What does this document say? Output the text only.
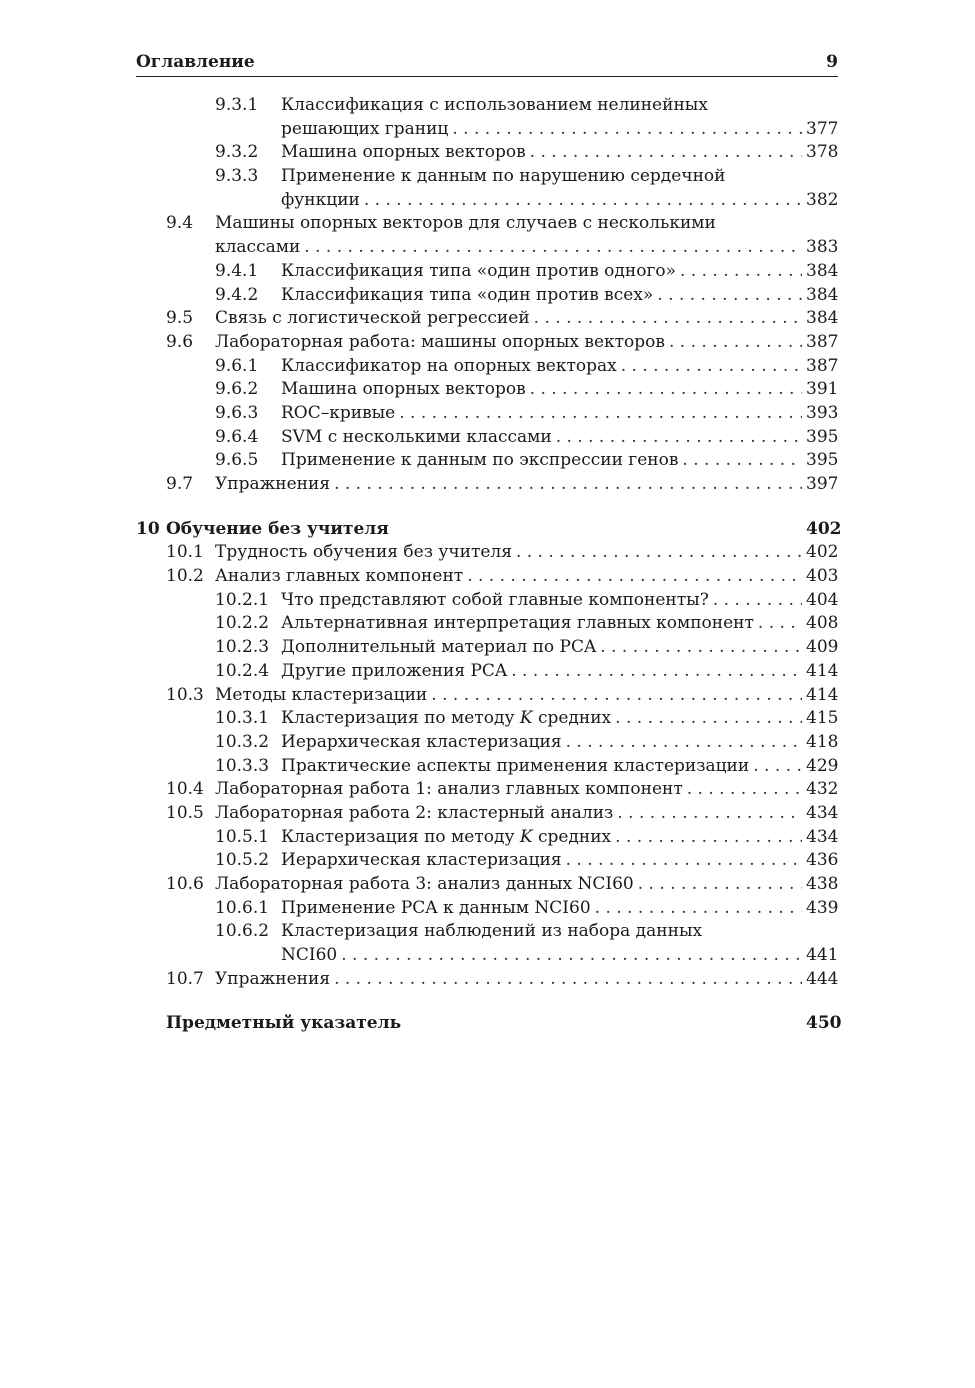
Оглавление	9
9.3.1 Классификация с использованием нелинейных
решающих границ . . .	377
9.3.2 Машина опорных векторов . . .	378
9.3.3 Применение к данным по нарушению сердечной
функции . . .	382
9.4 Машины опорных векторов для случаев с несколькими
классами . . .	383
9.4.1 Классификация типа «один против одного» . . .	384
9.4.2 Классификация типа «один против всех» . . .	384
9.5 Связь с логистической регрессией . . .	384
9.6 Лабораторная работа: машины опорных векторов . . .	387
9.6.1 Классификатор на опорных векторах . . .	387
9.6.2 Машина опорных векторов . . .	391
9.6.3 ROC–кривые . . .	393
9.6.4 SVM с несколькими классами . . .	395
9.6.5 Применение к данным по экспрессии генов . . .	395
9.7 Упражнения . . .	397
10 Обучение без учителя	402
10.1 Трудность обучения без учителя . . .	402
10.2 Анализ главных компонент . . .	403
10.2.1 Что представляют собой главные компоненты? . . .	404
10.2.2 Альтернативная интерпретация главных компонент . . .	408
10.2.3 Дополнительный материал по PCA . . .	409
10.2.4 Другие приложения PCA . . .	414
10.3 Методы кластеризации . . .	414
10.3.1 Кластеризация по методу K средних . . .	415
10.3.2 Иерархическая кластеризация . . .	418
10.3.3 Практические аспекты применения кластеризации . . .	429
10.4 Лабораторная работа 1: анализ главных компонент . . .	432
10.5 Лабораторная работа 2: кластерный анализ . . .	434
10.5.1 Кластеризация по методу K средних . . .	434
10.5.2 Иерархическая кластеризация . . .	436
10.6 Лабораторная работа 3: анализ данных NCI60 . . .	438
10.6.1 Применение PCA к данным NCI60 . . .	439
10.6.2 Кластеризация наблюдений из набора данных
NCI60 . . .	441
10.7 Упражнения . . .	444
Предметный указатель	450
